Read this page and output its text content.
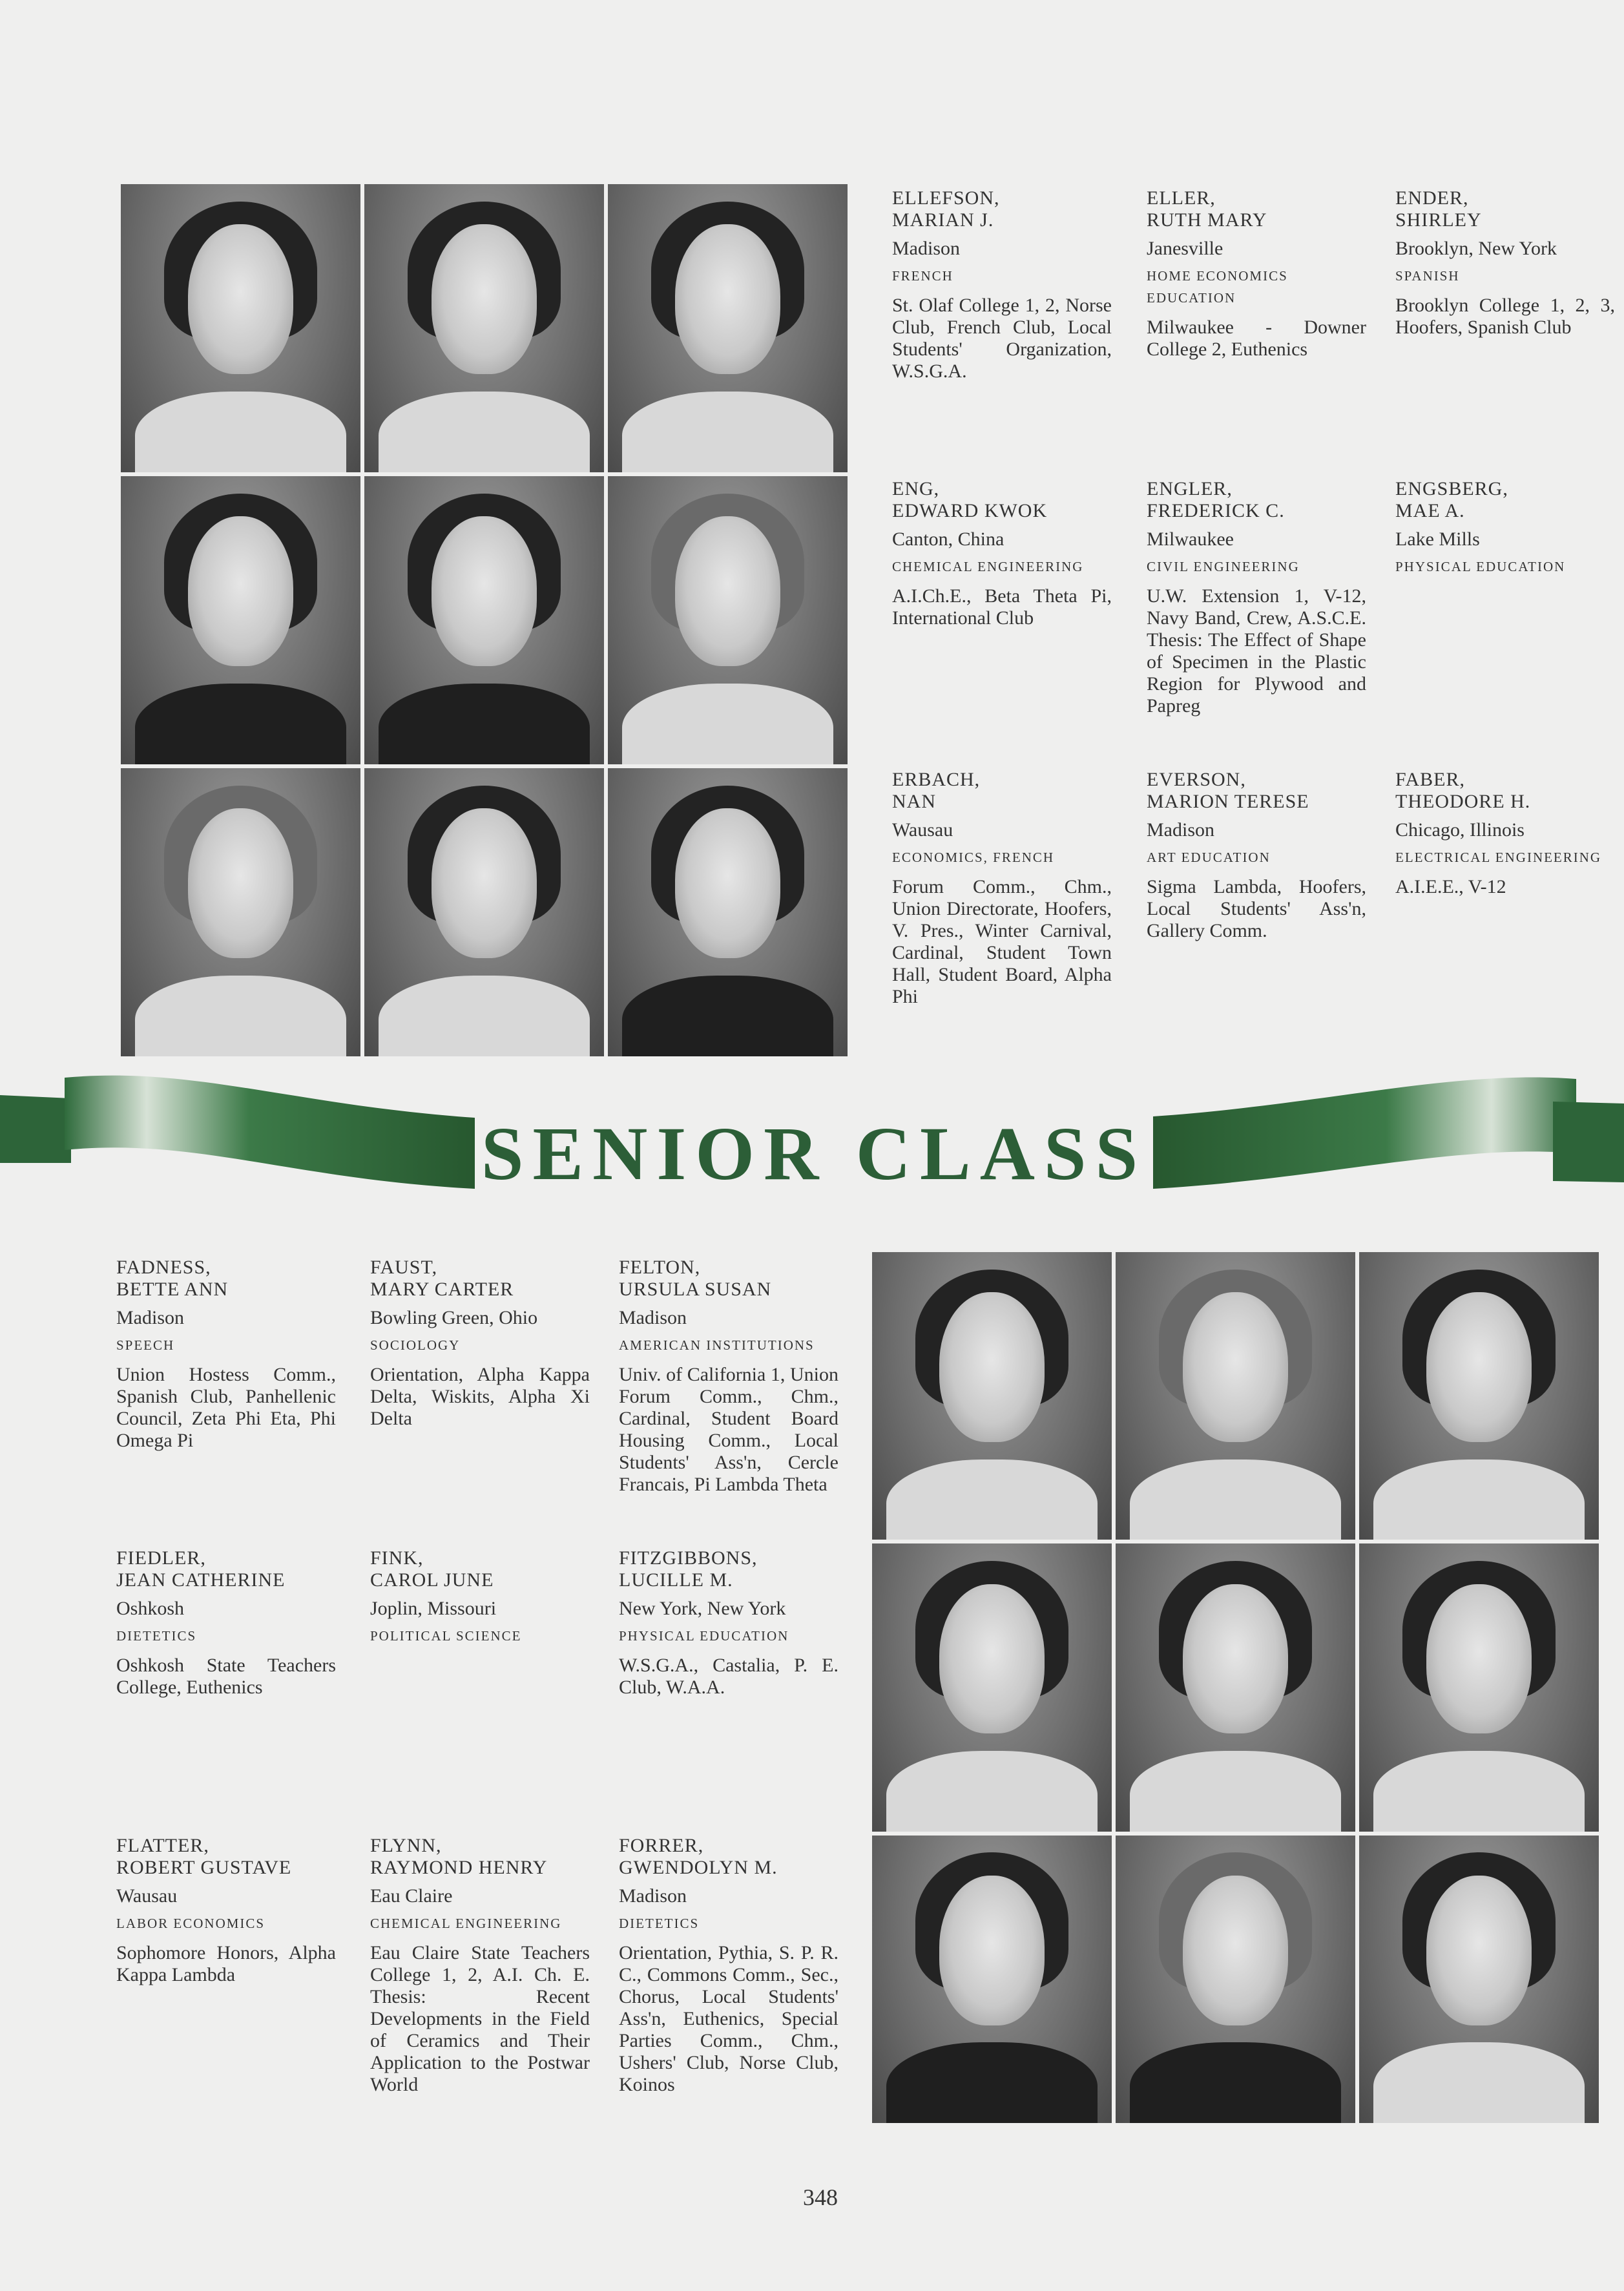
ELLEFSON,
MARIAN J.
Madison
FRENCH
St. Olaf College 1, 2, Norse Club, French Club, Local Students' Organization, W.S.G.A.
ELLER,
RUTH MARY
Janesville
HOME ECONOMICS EDUCATION
Milwaukee - Downer College 2, Euthenics
ENDER,
SHIRLEY
Brooklyn, New York
SPANISH
Brooklyn College 1, 2, 3, Hoofers, Spanish Club
ENG,
EDWARD KWOK
Canton, China
CHEMICAL ENGINEERING
A.I.Ch.E., Beta Theta Pi, International Club
ENGLER,
FREDERICK C.
Milwaukee
CIVIL ENGINEERING
U.W. Extension 1, V-12, Navy Band, Crew, A.S.C.E. Thesis: The Effect of Shape of Specimen in the Plastic Region for Plywood and Papreg
ENGSBERG,
MAE A.
Lake Mills
PHYSICAL EDUCATION
ERBACH,
NAN
Wausau
ECONOMICS, FRENCH
Forum Comm., Chm., Union Directorate, Hoofers, V. Pres., Winter Carnival, Cardinal, Student Town Hall, Student Board, Alpha Phi
EVERSON,
MARION TERESE
Madison
ART EDUCATION
Sigma Lambda, Hoofers, Local Students' Ass'n, Gallery Comm.
FABER,
THEODORE H.
Chicago, Illinois
ELECTRICAL ENGINEERING
A.I.E.E., V-12
SENIOR CLASS
FADNESS,
BETTE ANN
Madison
SPEECH
Union Hostess Comm., Spanish Club, Panhellenic Council, Zeta Phi Eta, Phi Omega Pi
FAUST,
MARY CARTER
Bowling Green, Ohio
SOCIOLOGY
Orientation, Alpha Kappa Delta, Wiskits, Alpha Xi Delta
FELTON,
URSULA SUSAN
Madison
AMERICAN INSTITUTIONS
Univ. of California 1, Union Forum Comm., Chm., Cardinal, Student Board Housing Comm., Local Students' Ass'n, Cercle Francais, Pi Lambda Theta
FIEDLER,
JEAN CATHERINE
Oshkosh
DIETETICS
Oshkosh State Teachers College, Euthenics
FINK,
CAROL JUNE
Joplin, Missouri
POLITICAL SCIENCE
FITZGIBBONS,
LUCILLE M.
New York, New York
PHYSICAL EDUCATION
W.S.G.A., Castalia, P. E. Club, W.A.A.
FLATTER,
ROBERT GUSTAVE
Wausau
LABOR ECONOMICS
Sophomore Honors, Alpha Kappa Lambda
FLYNN,
RAYMOND HENRY
Eau Claire
CHEMICAL ENGINEERING
Eau Claire State Teachers College 1, 2, A.I. Ch. E. Thesis: Recent Developments in the Field of Ceramics and Their Application to the Postwar World
FORRER,
GWENDOLYN M.
Madison
DIETETICS
Orientation, Pythia, S. P. R. C., Commons Comm., Sec., Chorus, Local Students' Ass'n, Euthenics, Special Parties Comm., Chm., Ushers' Club, Norse Club, Koinos
348
